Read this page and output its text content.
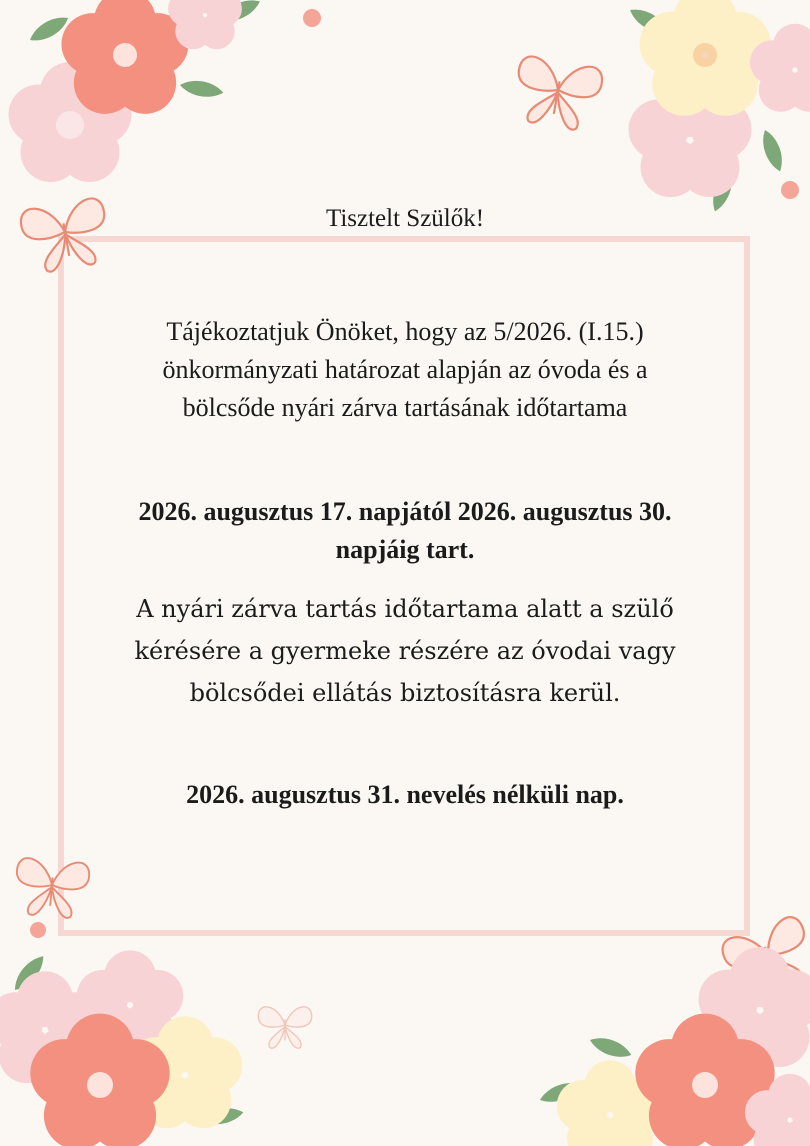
Tisztelt Szülők!

Tájékoztatjuk Önöket, hogy az 5/2026. (I.15.) önkormányzati határozat alapján az óvoda és a bölcsőde nyári zárva tartásának időtartama

2026. augusztus 17. napjától 2026. augusztus 30. napjáig tart.

A nyári zárva tartás időtartama alatt a szülő kérésére a gyermeke részére az óvodai vagy bölcsődei ellátás biztosításra kerül.

2026. augusztus 31. nevelés nélküli nap.
